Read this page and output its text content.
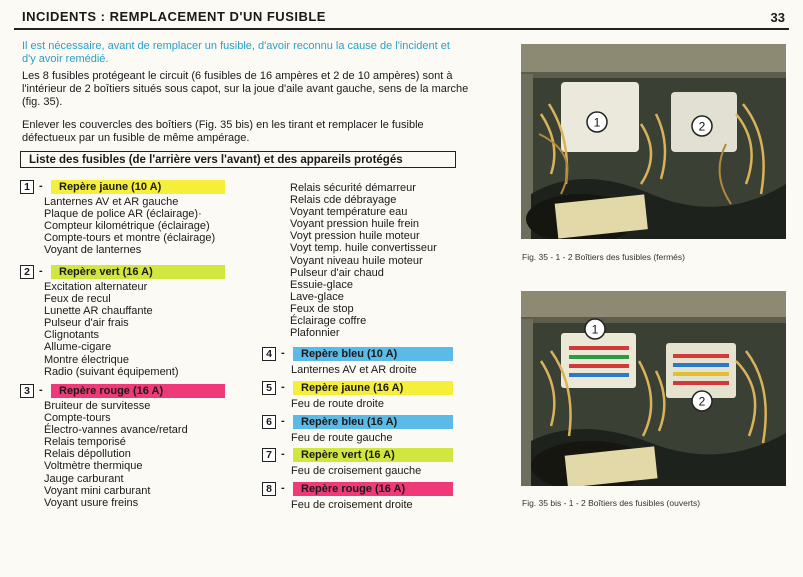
INCIDENTS : REMPLACEMENT D'UN FUSIBLE	33
Il est nécessaire, avant de remplacer un fusible, d'avoir reconnu la cause de l'incident et
d'y avoir remédié.
Les 8 fusibles protégeant le circuit (6 fusibles de 16 ampères et 2 de 10 ampères) sont à
l'intérieur de 2 boîtiers situés sous capot, sur la joue d'aile avant gauche, sens de la marche
(fig. 35).
Enlever les couvercles des boîtiers (Fig. 35 bis) en les tirant et remplacer le fusible
défectueux par un fusible de même ampérage.
Liste des fusibles (de l'arrière vers l'avant) et des appareils protégés
1 -	Repère jaune (10 A)
Lanternes AV et AR gauche
Plaque de police AR (éclairage)·
Compteur kilométrique (éclairage)
Compte-tours et montre (éclairage)
Voyant de lanternes
2 -	Repère vert (16 A)
Excitation alternateur
Feux de recul
Lunette AR chauffante
Pulseur d'air frais
Clignotants
Allume-cigare
Montre électrique
Radio (suivant équipement)
3 -	Repère rouge (16 A)
Bruiteur de survitesse
Compte-tours
Électro-vannes avance/retard
Relais temporisé
Relais dépollution
Voltmètre thermique
Jauge carburant
Voyant mini carburant
Voyant usure freins
Relais sécurité démarreur
Relais cde débrayage
Voyant température eau
Voyant pression huile frein
Voyt pression huile moteur
Voyt temp. huile convertisseur
Voyant niveau huile moteur
Pulseur d'air chaud
Essuie-glace
Lave-glace
Feux de stop
Éclairage coffre
Plafonnier
4 -	Repère bleu (10 A)
Lanternes AV et AR droite
5 -	Repère jaune (16 A)
Feu de route droite
6 -	Repère bleu (16 A)
Feu de route gauche
7 -	Repère vert (16 A)
Feu de croisement gauche
8 -	Repère rouge (16 A)
Feu de croisement droite
1	2
Fig. 35 - 1 - 2 Boîtiers des fusibles (fermés)
1
2
Fig. 35 bis - 1 - 2 Boîtiers des fusibles (ouverts)
